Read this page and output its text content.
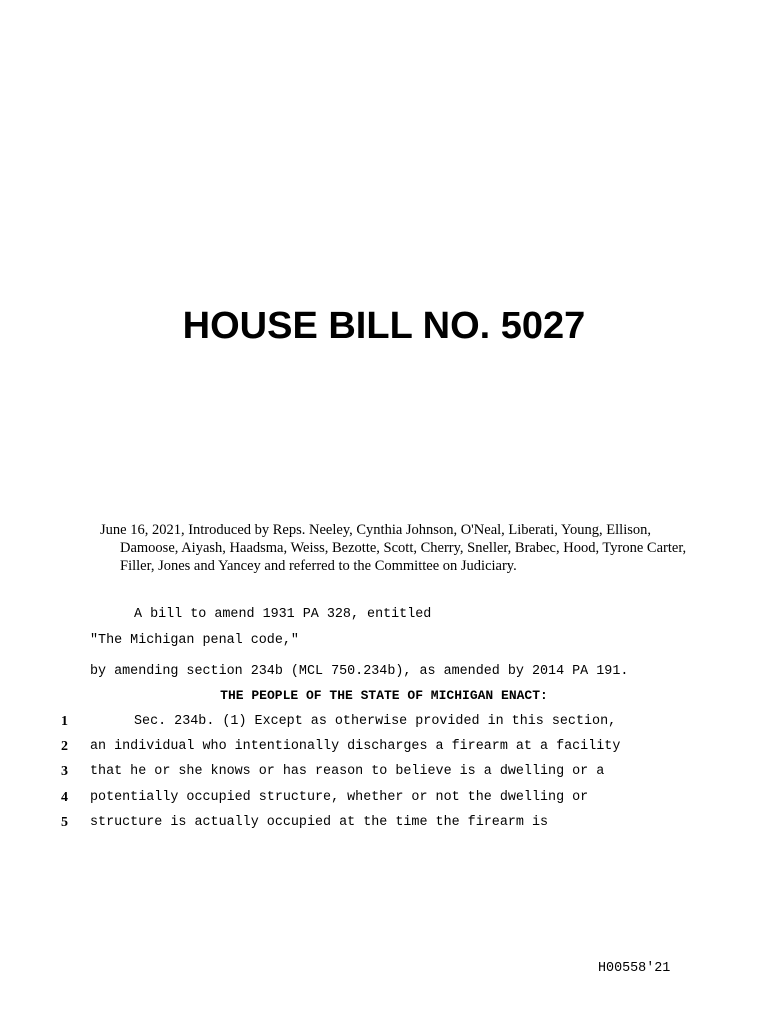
HOUSE BILL NO. 5027

June 16, 2021, Introduced by Reps. Neeley, Cynthia Johnson, O'Neal, Liberati, Young, Ellison, Damoose, Aiyash, Haadsma, Weiss, Bezotte, Scott, Cherry, Sneller, Brabec, Hood, Tyrone Carter, Filler, Jones and Yancey and referred to the Committee on Judiciary.

A bill to amend 1931 PA 328, entitled
"The Michigan penal code,"
by amending section 234b (MCL 750.234b), as amended by 2014 PA 191.
THE PEOPLE OF THE STATE OF MICHIGAN ENACT:
1	Sec. 234b. (1) Except as otherwise provided in this section,
2 an individual who intentionally discharges a firearm at a facility
3 that he or she knows or has reason to believe is a dwelling or a
4 potentially occupied structure, whether or not the dwelling or
5 structure is actually occupied at the time the firearm is
H00558'21
